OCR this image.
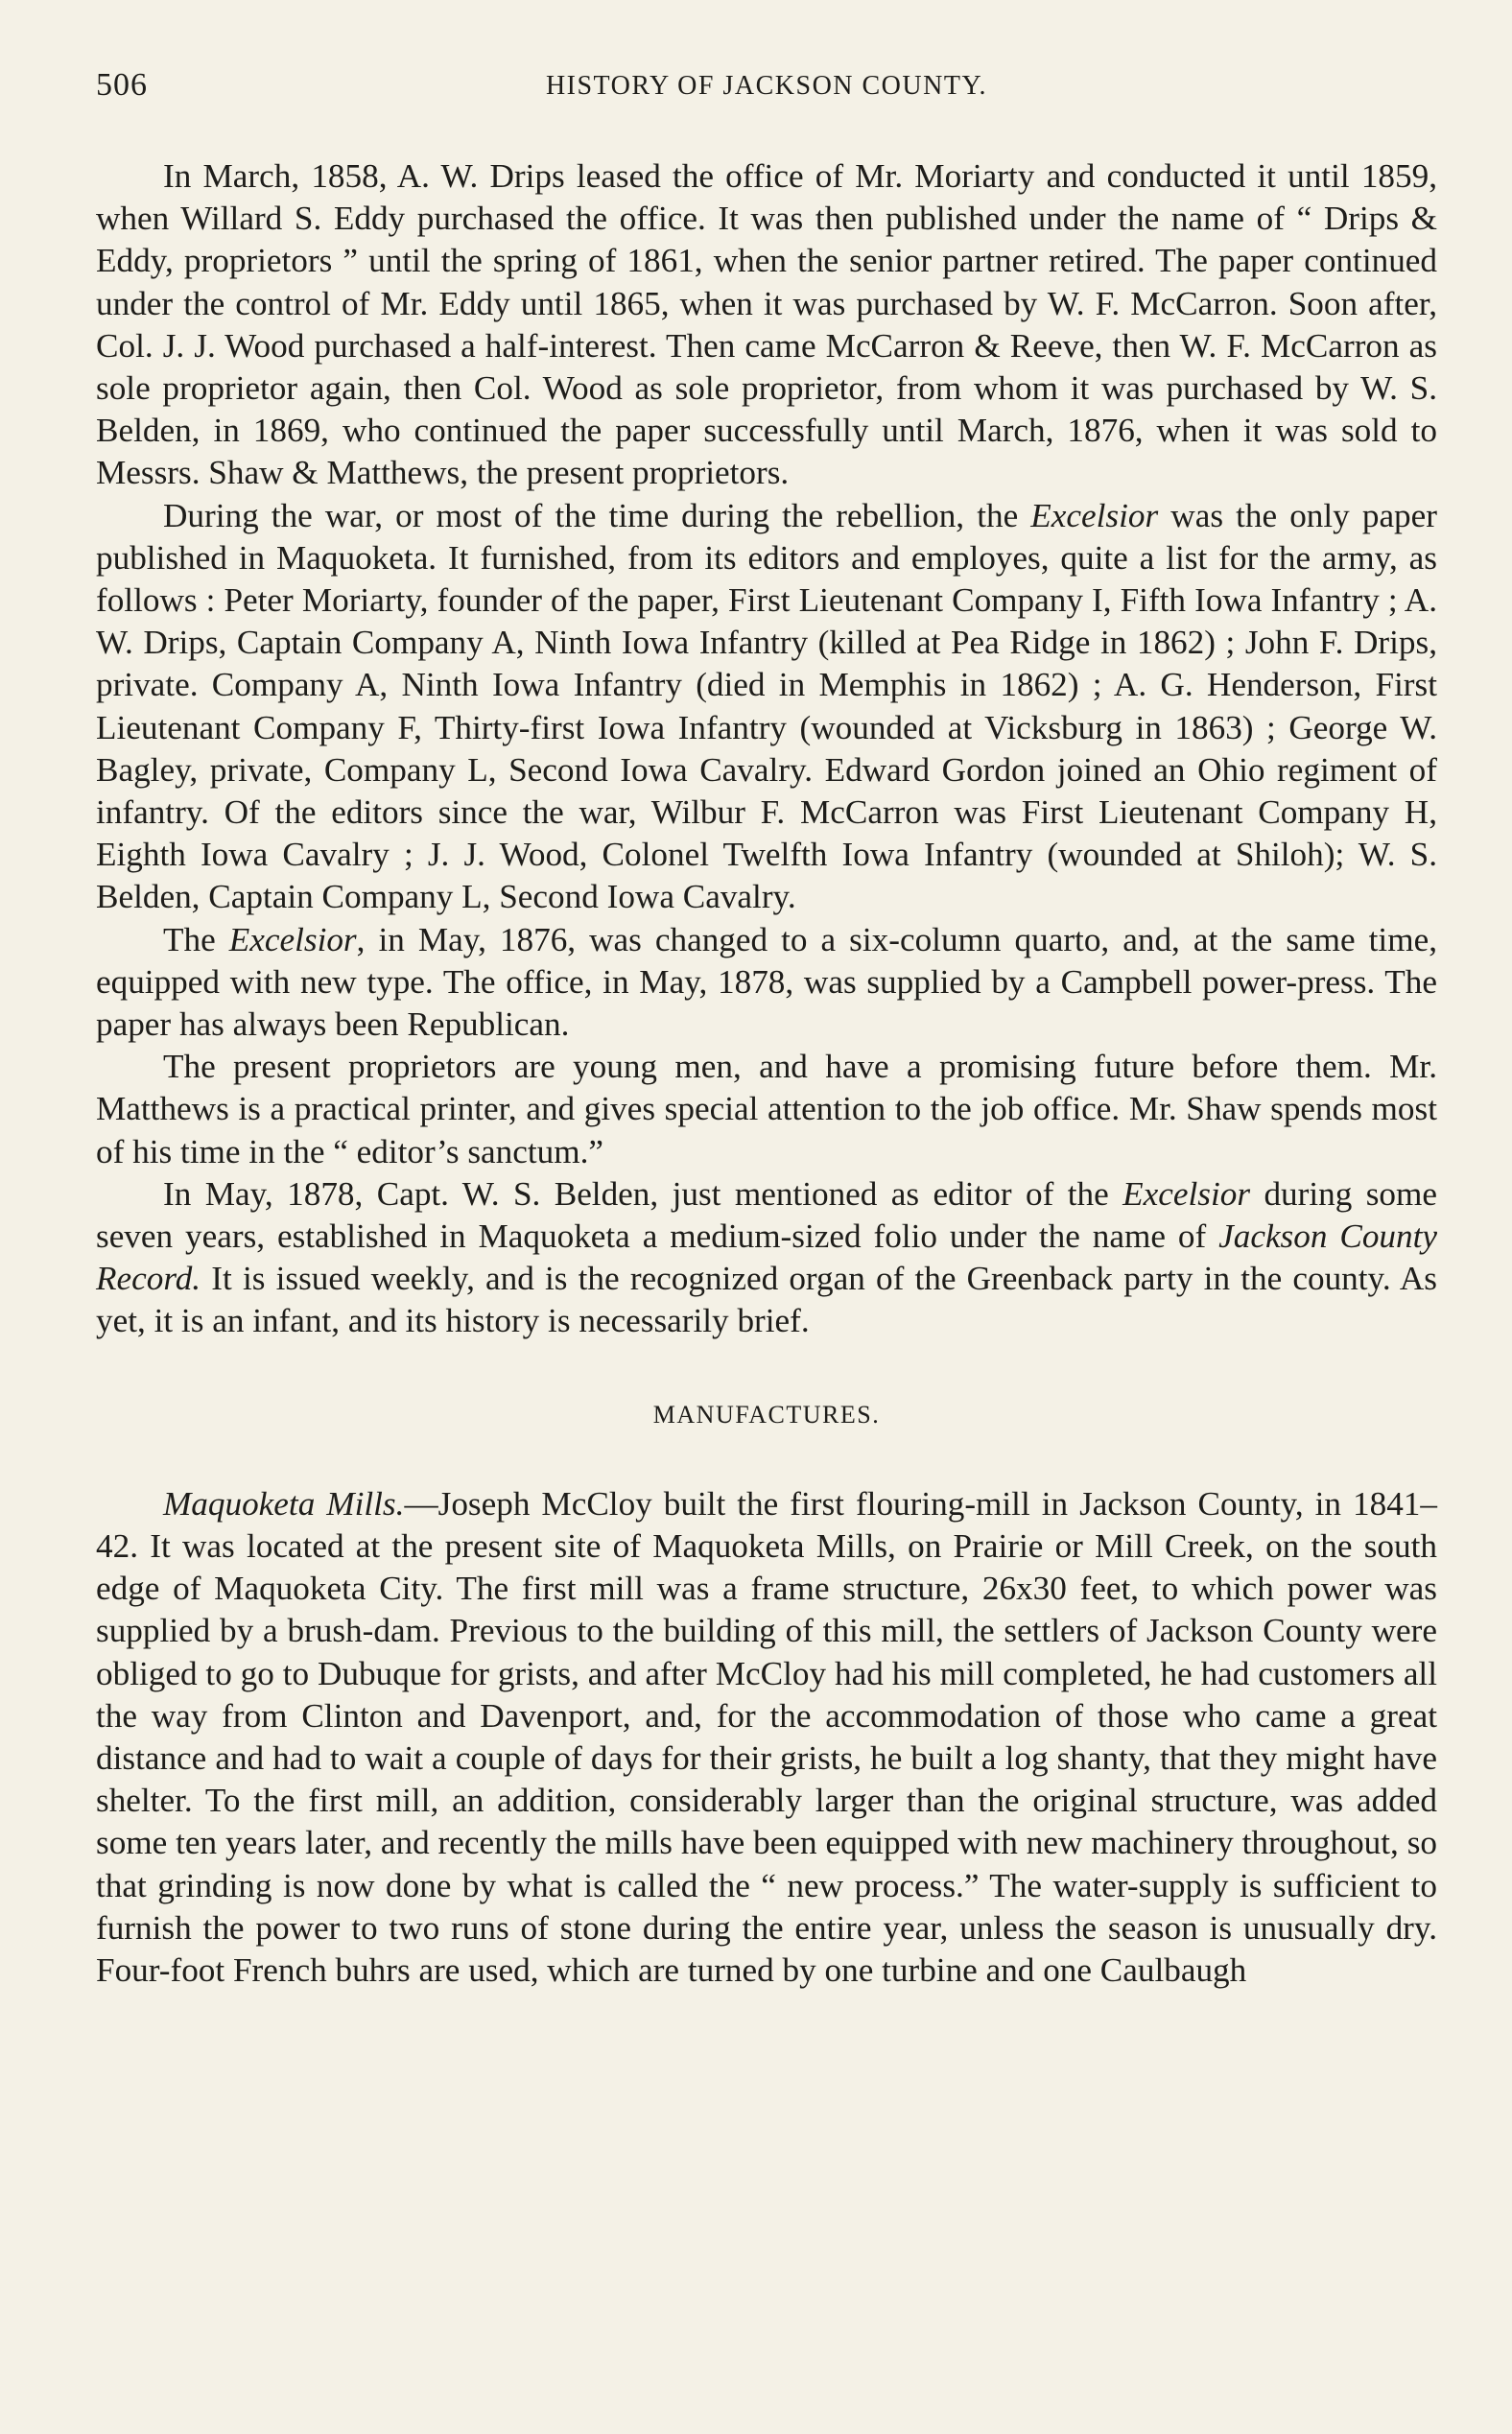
506	HISTORY OF JACKSON COUNTY.

In March, 1858, A. W. Drips leased the office of Mr. Moriarty and conducted it until 1859, when Willard S. Eddy purchased the office. It was then published under the name of “ Drips & Eddy, proprietors ” until the spring of 1861, when the senior partner retired. The paper continued under the control of Mr. Eddy until 1865, when it was purchased by W. F. McCarron. Soon after, Col. J. J. Wood purchased a half-interest. Then came McCarron & Reeve, then W. F. McCarron as sole proprietor again, then Col. Wood as sole proprietor, from whom it was purchased by W. S. Belden, in 1869, who continued the paper successfully until March, 1876, when it was sold to Messrs. Shaw & Matthews, the present proprietors.

During the war, or most of the time during the rebellion, the Excelsior was the only paper published in Maquoketa. It furnished, from its editors and employes, quite a list for the army, as follows : Peter Moriarty, founder of the paper, First Lieutenant Company I, Fifth Iowa Infantry ; A. W. Drips, Captain Company A, Ninth Iowa Infantry (killed at Pea Ridge in 1862) ; John F. Drips, private. Company A, Ninth Iowa Infantry (died in Memphis in 1862) ; A. G. Henderson, First Lieutenant Company F, Thirty-first Iowa Infantry (wounded at Vicksburg in 1863) ; George W. Bagley, private, Company L, Second Iowa Cavalry. Edward Gordon joined an Ohio regiment of infantry. Of the editors since the war, Wilbur F. McCarron was First Lieutenant Company H, Eighth Iowa Cavalry ; J. J. Wood, Colonel Twelfth Iowa Infantry (wounded at Shiloh); W. S. Belden, Captain Company L, Second Iowa Cavalry.

The Excelsior, in May, 1876, was changed to a six-column quarto, and, at the same time, equipped with new type. The office, in May, 1878, was supplied by a Campbell power-press. The paper has always been Republican.

The present proprietors are young men, and have a promising future before them. Mr. Matthews is a practical printer, and gives special attention to the job office. Mr. Shaw spends most of his time in the “ editor’s sanctum.”

In May, 1878, Capt. W. S. Belden, just mentioned as editor of the Excelsior during some seven years, established in Maquoketa a medium-sized folio under the name of Jackson County Record. It is issued weekly, and is the recognized organ of the Greenback party in the county. As yet, it is an infant, and its history is necessarily brief.

MANUFACTURES.

Maquoketa Mills.—Joseph McCloy built the first flouring-mill in Jackson County, in 1841–42. It was located at the present site of Maquoketa Mills, on Prairie or Mill Creek, on the south edge of Maquoketa City. The first mill was a frame structure, 26x30 feet, to which power was supplied by a brush-dam. Previous to the building of this mill, the settlers of Jackson County were obliged to go to Dubuque for grists, and after McCloy had his mill completed, he had customers all the way from Clinton and Davenport, and, for the accommodation of those who came a great distance and had to wait a couple of days for their grists, he built a log shanty, that they might have shelter. To the first mill, an addition, considerably larger than the original structure, was added some ten years later, and recently the mills have been equipped with new machinery throughout, so that grinding is now done by what is called the “ new process.” The water-supply is sufficient to furnish the power to two runs of stone during the entire year, unless the season is unusually dry. Four-foot French buhrs are used, which are turned by one turbine and one Caulbaugh
